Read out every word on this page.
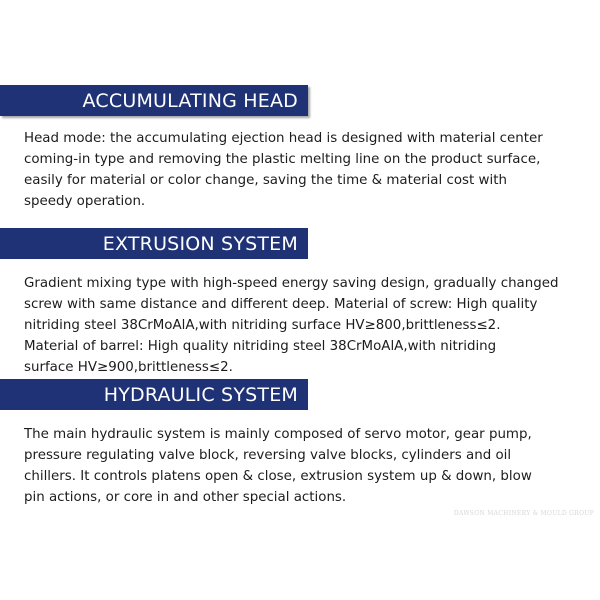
ACCUMULATING HEAD
Head mode: the accumulating ejection head is designed with material center
coming-in type and removing the plastic melting line on the product surface,
easily for material or color change, saving the time & material cost with
speedy operation.
EXTRUSION SYSTEM
Gradient mixing type with high-speed energy saving design, gradually changed
screw with same distance and different deep. Material of screw: High quality
nitriding steel 38CrMoAlA,with nitriding surface HV≥800,brittleness≤2.
Material of barrel: High quality nitriding steel 38CrMoAlA,with nitriding
surface HV≥900,brittleness≤2.
HYDRAULIC SYSTEM
The main hydraulic system is mainly composed of servo motor, gear pump,
pressure regulating valve block, reversing valve blocks, cylinders and oil
chillers. It controls platens open & close, extrusion system up & down, blow
pin actions, or core in and other special actions.
DAWSON MACHINERY & MOULD GROUP
